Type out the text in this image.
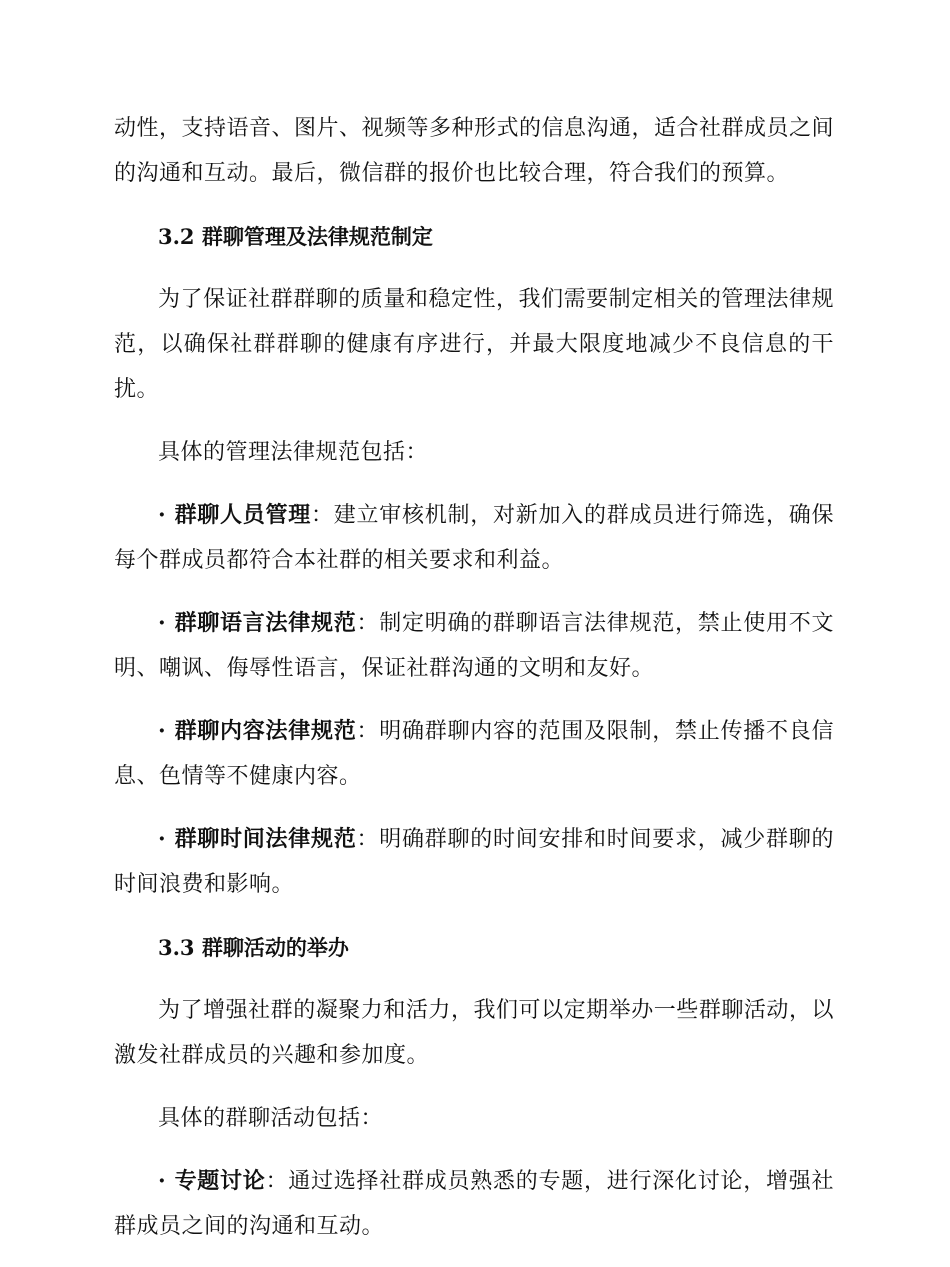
动性，支持语音、图片、视频等多种形式的信息沟通，适合社群成员之间的沟通和互动。最后，微信群的报价也比较合理，符合我们的预算。

3.2 群聊管理及法律规范制定

为了保证社群群聊的质量和稳定性，我们需要制定相关的管理法律规范，以确保社群群聊的健康有序进行，并最大限度地减少不良信息的干扰。

具体的管理法律规范包括：

· 群聊人员管理：建立审核机制，对新加入的群成员进行筛选，确保每个群成员都符合本社群的相关要求和利益。

· 群聊语言法律规范：制定明确的群聊语言法律规范，禁止使用不文明、嘲讽、侮辱性语言，保证社群沟通的文明和友好。

· 群聊内容法律规范：明确群聊内容的范围及限制，禁止传播不良信息、色情等不健康内容。

· 群聊时间法律规范：明确群聊的时间安排和时间要求，减少群聊的时间浪费和影响。

3.3 群聊活动的举办

为了增强社群的凝聚力和活力，我们可以定期举办一些群聊活动，以激发社群成员的兴趣和参加度。

具体的群聊活动包括：

· 专题讨论：通过选择社群成员熟悉的专题，进行深化讨论，增强社群成员之间的沟通和互动。
